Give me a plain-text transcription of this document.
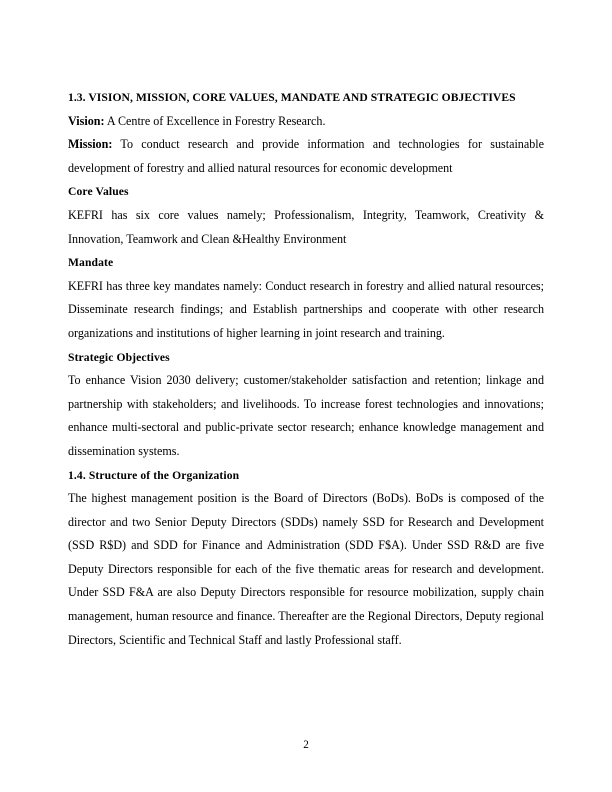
1.3. VISION, MISSION, CORE VALUES, MANDATE AND STRATEGIC OBJECTIVES

Vision: A Centre of Excellence in Forestry Research.

Mission: To conduct research and provide information and technologies for sustainable development of forestry and allied natural resources for economic development

Core Values

KEFRI has six core values namely; Professionalism, Integrity, Teamwork, Creativity & Innovation, Teamwork and Clean &Healthy Environment

Mandate

KEFRI has three key mandates namely: Conduct research in forestry and allied natural resources; Disseminate research findings; and Establish partnerships and cooperate with other research organizations and institutions of higher learning in joint research and training.

Strategic Objectives

To enhance Vision 2030 delivery; customer/stakeholder satisfaction and retention; linkage and partnership with stakeholders; and livelihoods. To increase forest technologies and innovations; enhance multi-sectoral and public-private sector research; enhance knowledge management and dissemination systems.

1.4. Structure of the Organization

The highest management position is the Board of Directors (BoDs). BoDs is composed of the director and two Senior Deputy Directors (SDDs) namely SSD for Research and Development (SSD R$D) and SDD for Finance and Administration (SDD F$A). Under SSD R&D are five Deputy Directors responsible for each of the five thematic areas for research and development. Under SSD F&A are also Deputy Directors responsible for resource mobilization, supply chain management, human resource and finance. Thereafter are the Regional Directors, Deputy regional Directors, Scientific and Technical Staff and lastly Professional staff.

2
